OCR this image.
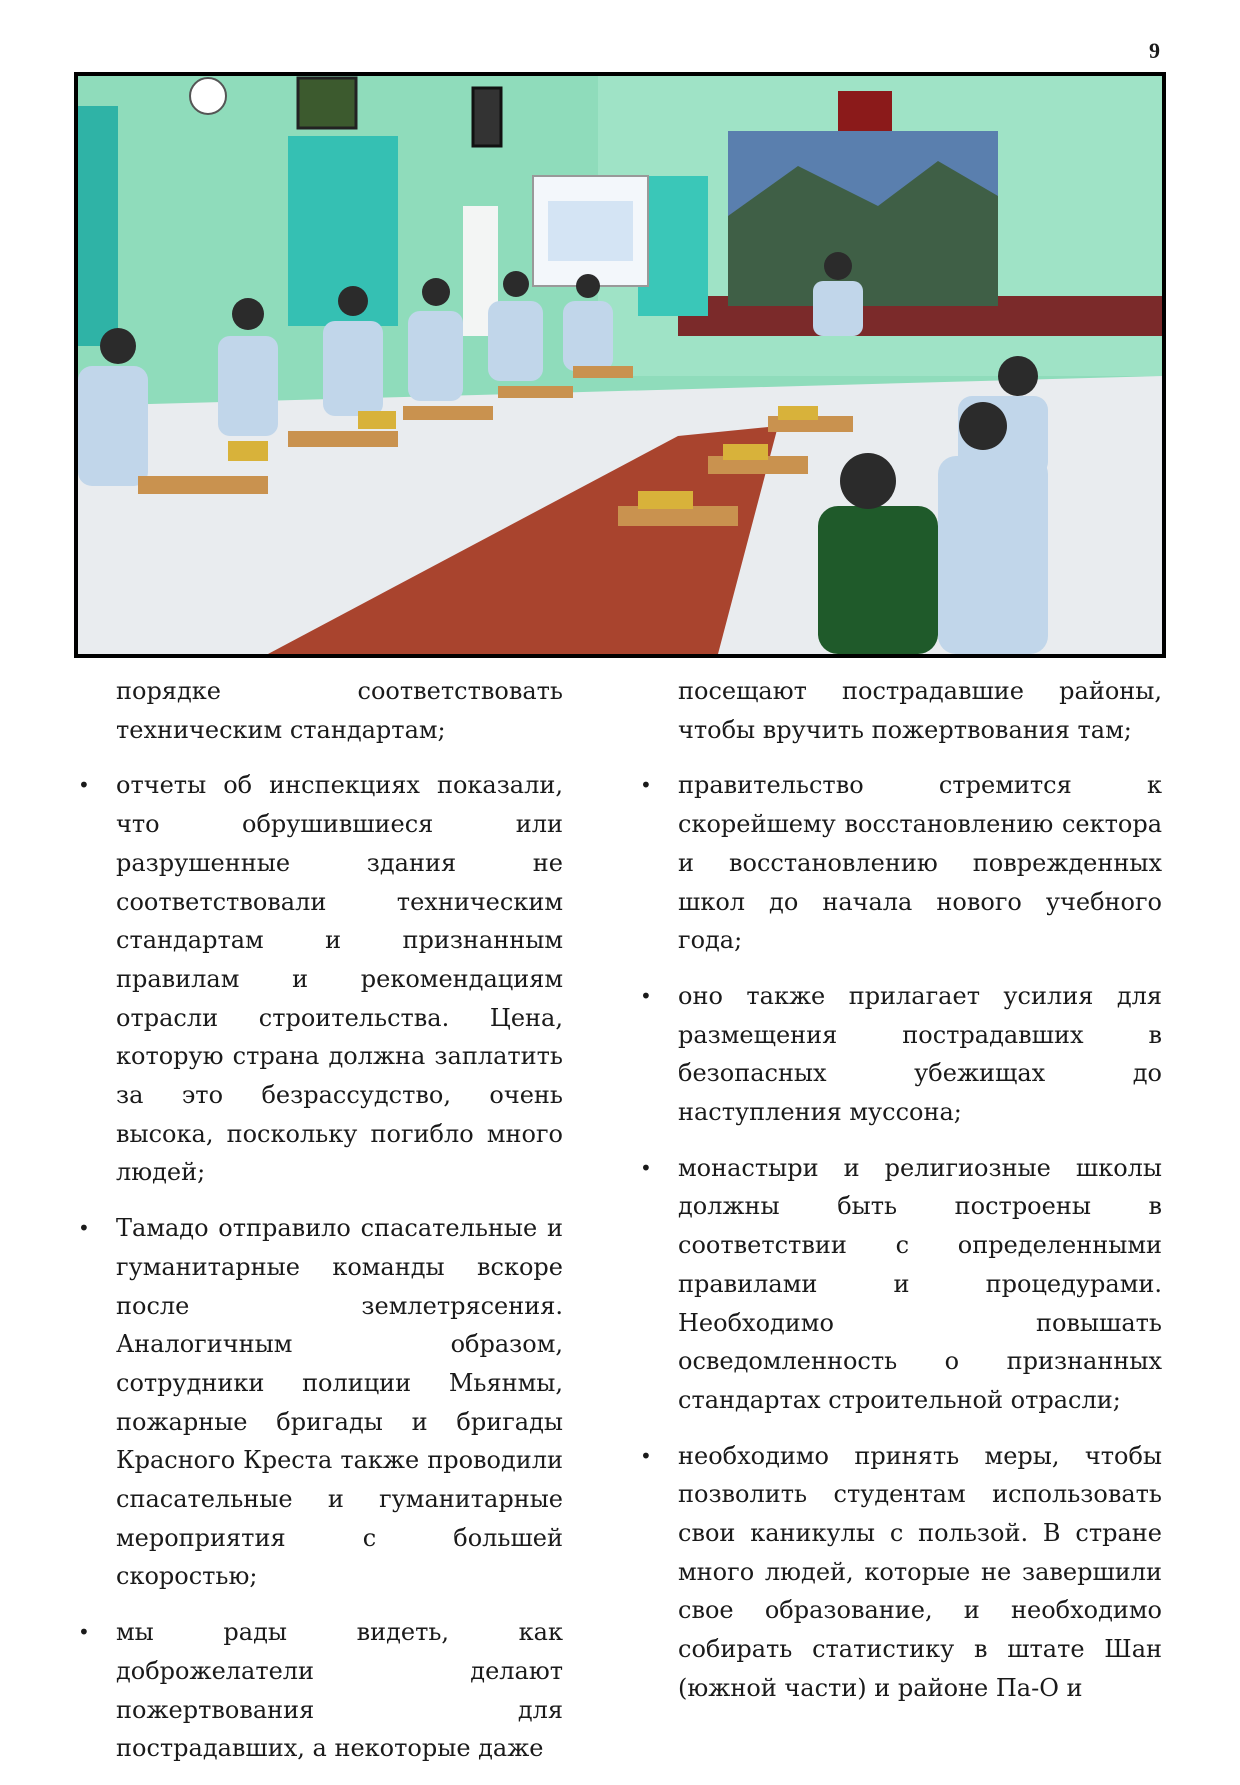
9

порядке соответствовать техническим стандартам;

• отчеты об инспекциях показали, что обрушившиеся или разрушенные здания не соответствовали техническим стандартам и признанным правилам и рекомендациям отрасли строительства. Цена, которую страна должна заплатить за это безрассудство, очень высока, поскольку погибло много людей;

• Тамадо отправило спасательные и гуманитарные команды вскоре после землетрясения. Аналогичным образом, сотрудники полиции Мьянмы, пожарные бригады и бригады Красного Креста также проводили спасательные и гуманитарные мероприятия с большей скоростью;

• мы рады видеть, как доброжелатели делают пожертвования для пострадавших, а некоторые даже

посещают пострадавшие районы, чтобы вручить пожертвования там;

• правительство стремится к скорейшему восстановлению сектора и восстановлению поврежденных школ до начала нового учебного года;

• оно также прилагает усилия для размещения пострадавших в безопасных убежищах до наступления муссона;

• монастыри и религиозные школы должны быть построены в соответствии с определенными правилами и процедурами. Необходимо повышать осведомленность о признанных стандартах строительной отрасли;

• необходимо принять меры, чтобы позволить студентам использовать свои каникулы с пользой. В стране много людей, которые не завершили свое образование, и необходимо собирать статистику в штате Шан (южной части) и районе Па-О и
